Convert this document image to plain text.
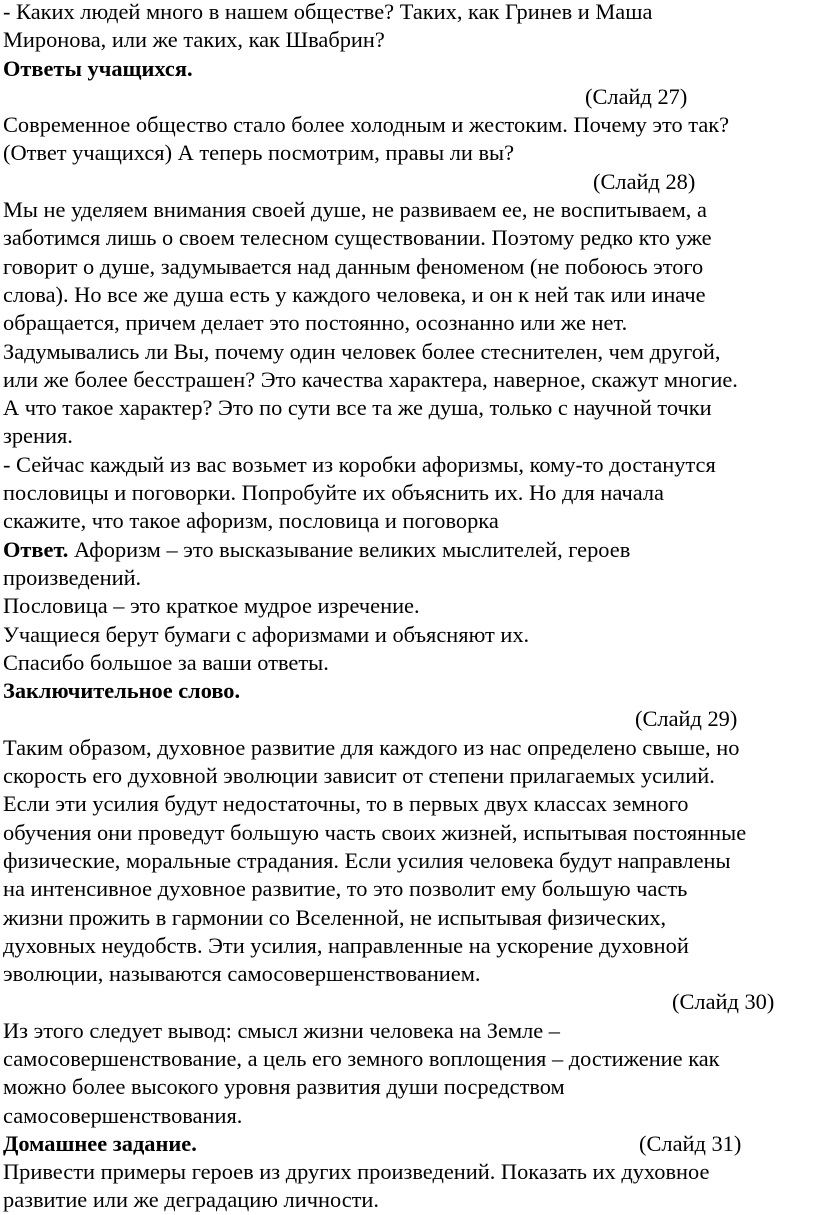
- Каких людей много в нашем обществе? Таких, как Гринев и Маша
Миронова, или же таких, как Швабрин?
Ответы учащихся.
(Слайд 27)
Современное общество стало более холодным и жестоким. Почему это так?
(Ответ учащихся) А теперь посмотрим, правы ли вы?
(Слайд 28)
Мы не уделяем внимания своей душе, не развиваем ее, не воспитываем, а
заботимся лишь о своем телесном существовании. Поэтому редко кто уже
говорит о душе, задумывается над данным феноменом (не побоюсь этого
слова). Но все же душа есть у каждого человека, и он к ней так или иначе
обращается, причем делает это постоянно, осознанно или же нет.
Задумывались ли Вы, почему один человек более стеснителен, чем другой,
или же более бесстрашен? Это качества характера, наверное, скажут многие.
А что такое характер? Это по сути все та же душа, только с научной точки
зрения.
- Сейчас каждый из вас возьмет из коробки афоризмы, кому-то достанутся
пословицы и поговорки. Попробуйте их объяснить их. Но для начала
скажите, что такое афоризм, пословица и поговорка
Ответ. Афоризм – это высказывание великих мыслителей, героев
произведений.
Пословица – это краткое мудрое изречение.
Учащиеся берут бумаги с афоризмами и объясняют их.
Спасибо большое за ваши ответы.
Заключительное слово.
(Слайд 29)
Таким образом, духовное развитие для каждого из нас определено свыше, но
скорость его духовной эволюции зависит от степени прилагаемых усилий.
Если эти усилия будут недостаточны, то в первых двух классах земного
обучения они проведут большую часть своих жизней, испытывая постоянные
физические, моральные страдания. Если усилия человека будут направлены
на интенсивное духовное развитие, то это позволит ему большую часть
жизни прожить в гармонии со Вселенной, не испытывая физических,
духовных неудобств. Эти усилия, направленные на ускорение духовной
эволюции, называются самосовершенствованием.
(Слайд 30)
Из этого следует вывод: смысл жизни человека на Земле –
самосовершенствование, а цель его земного воплощения – достижение как
можно более высокого уровня развития души посредством
самосовершенствования.
Домашнее задание.	(Слайд 31)
Привести примеры героев из других произведений. Показать их духовное
развитие или же деградацию личности.
